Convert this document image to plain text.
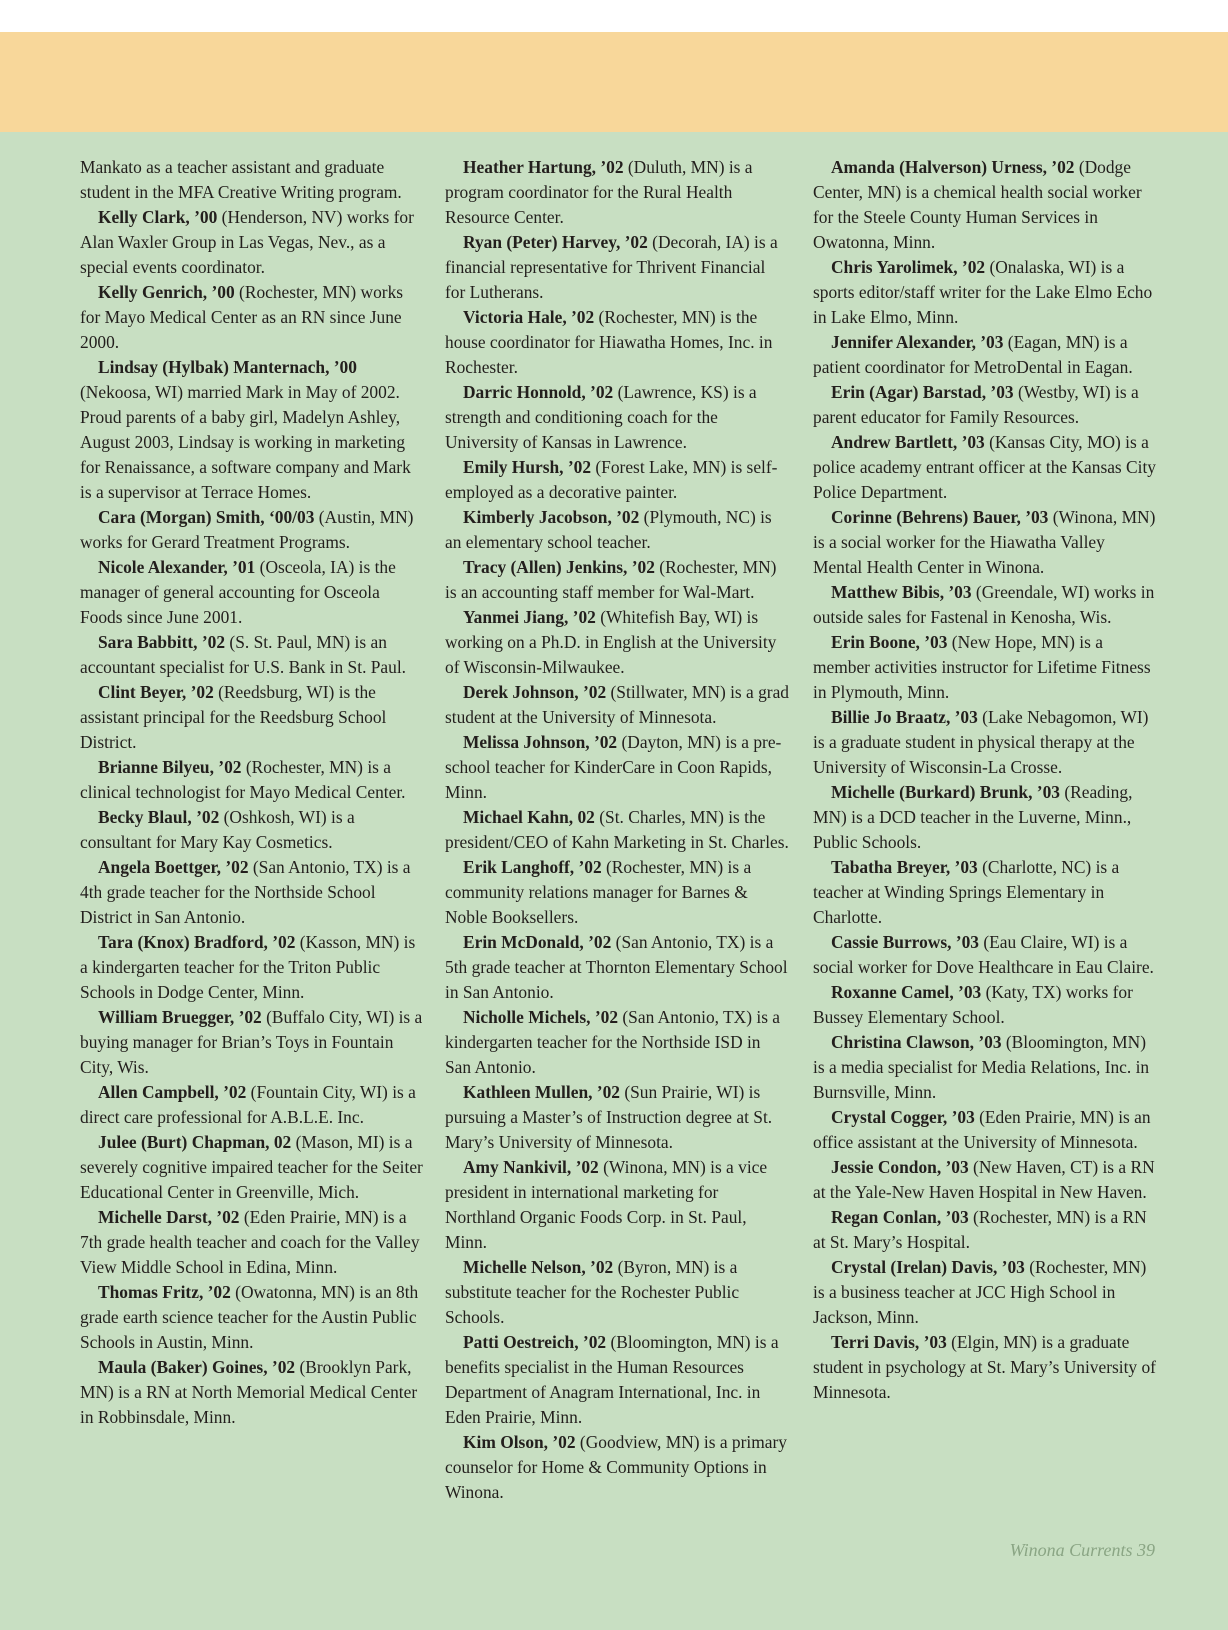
Mankato as a teacher assistant and graduate student in the MFA Creative Writing program.

Kelly Clark, ’00 (Henderson, NV) works for Alan Waxler Group in Las Vegas, Nev., as a special events coordinator.

Kelly Genrich, ’00 (Rochester, MN) works for Mayo Medical Center as an RN since June 2000.

Lindsay (Hylbak) Manternach, ’00 (Nekoosa, WI) married Mark in May of 2002. Proud parents of a baby girl, Madelyn Ashley, August 2003, Lindsay is working in marketing for Renaissance, a software company and Mark is a supervisor at Terrace Homes.

Cara (Morgan) Smith, ‘00/03 (Austin, MN) works for Gerard Treatment Programs.

Nicole Alexander, ’01 (Osceola, IA) is the manager of general accounting for Osceola Foods since June 2001.

Sara Babbitt, ’02 (S. St. Paul, MN) is an accountant specialist for U.S. Bank in St. Paul.

Clint Beyer, ’02 (Reedsburg, WI) is the assistant principal for the Reedsburg School District.

Brianne Bilyeu, ’02 (Rochester, MN) is a clinical technologist for Mayo Medical Center.

Becky Blaul, ’02 (Oshkosh, WI) is a consultant for Mary Kay Cosmetics.

Angela Boettger, ’02 (San Antonio, TX) is a 4th grade teacher for the Northside School District in San Antonio.

Tara (Knox) Bradford, ’02 (Kasson, MN) is a kindergarten teacher for the Triton Public Schools in Dodge Center, Minn.

William Bruegger, ’02 (Buffalo City, WI) is a buying manager for Brian’s Toys in Fountain City, Wis.

Allen Campbell, ’02 (Fountain City, WI) is a direct care professional for A.B.L.E. Inc.

Julee (Burt) Chapman, 02 (Mason, MI) is a severely cognitive impaired teacher for the Seiter Educational Center in Greenville, Mich.

Michelle Darst, ’02 (Eden Prairie, MN) is a 7th grade health teacher and coach for the Valley View Middle School in Edina, Minn.

Thomas Fritz, ’02 (Owatonna, MN) is an 8th grade earth science teacher for the Austin Public Schools in Austin, Minn.

Maula (Baker) Goines, ’02 (Brooklyn Park, MN) is a RN at North Memorial Medical Center in Robbinsdale, Minn.

Heather Hartung, ’02 (Duluth, MN) is a program coordinator for the Rural Health Resource Center.

Ryan (Peter) Harvey, ’02 (Decorah, IA) is a financial representative for Thrivent Financial for Lutherans.

Victoria Hale, ’02 (Rochester, MN) is the house coordinator for Hiawatha Homes, Inc. in Rochester.

Darric Honnold, ’02 (Lawrence, KS) is a strength and conditioning coach for the University of Kansas in Lawrence.

Emily Hursh, ’02 (Forest Lake, MN) is self-employed as a decorative painter.

Kimberly Jacobson, ’02 (Plymouth, NC) is an elementary school teacher.

Tracy (Allen) Jenkins, ’02 (Rochester, MN) is an accounting staff member for Wal-Mart.

Yanmei Jiang, ’02 (Whitefish Bay, WI) is working on a Ph.D. in English at the University of Wisconsin-Milwaukee.

Derek Johnson, ’02 (Stillwater, MN) is a grad student at the University of Minnesota.

Melissa Johnson, ’02 (Dayton, MN) is a pre-school teacher for KinderCare in Coon Rapids, Minn.

Michael Kahn, 02 (St. Charles, MN) is the president/CEO of Kahn Marketing in St. Charles.

Erik Langhoff, ’02 (Rochester, MN) is a community relations manager for Barnes & Noble Booksellers.

Erin McDonald, ’02 (San Antonio, TX) is a 5th grade teacher at Thornton Elementary School in San Antonio.

Nicholle Michels, ’02 (San Antonio, TX) is a kindergarten teacher for the Northside ISD in San Antonio.

Kathleen Mullen, ’02 (Sun Prairie, WI) is pursuing a Master’s of Instruction degree at St. Mary’s University of Minnesota.

Amy Nankivil, ’02 (Winona, MN) is a vice president in international marketing for Northland Organic Foods Corp. in St. Paul, Minn.

Michelle Nelson, ’02 (Byron, MN) is a substitute teacher for the Rochester Public Schools.

Patti Oestreich, ’02 (Bloomington, MN) is a benefits specialist in the Human Resources Department of Anagram International, Inc. in Eden Prairie, Minn.

Kim Olson, ’02 (Goodview, MN) is a primary counselor for Home & Community Options in Winona.

Amanda (Halverson) Urness, ’02 (Dodge Center, MN) is a chemical health social worker for the Steele County Human Services in Owatonna, Minn.

Chris Yarolimek, ’02 (Onalaska, WI) is a sports editor/staff writer for the Lake Elmo Echo in Lake Elmo, Minn.

Jennifer Alexander, ’03 (Eagan, MN) is a patient coordinator for MetroDental in Eagan.

Erin (Agar) Barstad, ’03 (Westby, WI) is a parent educator for Family Resources.

Andrew Bartlett, ’03 (Kansas City, MO) is a police academy entrant officer at the Kansas City Police Department.

Corinne (Behrens) Bauer, ’03 (Winona, MN) is a social worker for the Hiawatha Valley Mental Health Center in Winona.

Matthew Bibis, ’03 (Greendale, WI) works in outside sales for Fastenal in Kenosha, Wis.

Erin Boone, ’03 (New Hope, MN) is a member activities instructor for Lifetime Fitness in Plymouth, Minn.

Billie Jo Braatz, ’03 (Lake Nebagomon, WI) is a graduate student in physical therapy at the University of Wisconsin-La Crosse.

Michelle (Burkard) Brunk, ’03 (Reading, MN) is a DCD teacher in the Luverne, Minn., Public Schools.

Tabatha Breyer, ’03 (Charlotte, NC) is a teacher at Winding Springs Elementary in Charlotte.

Cassie Burrows, ’03 (Eau Claire, WI) is a social worker for Dove Healthcare in Eau Claire.

Roxanne Camel, ’03 (Katy, TX) works for Bussey Elementary School.

Christina Clawson, ’03 (Bloomington, MN) is a media specialist for Media Relations, Inc. in Burnsville, Minn.

Crystal Cogger, ’03 (Eden Prairie, MN) is an office assistant at the University of Minnesota.

Jessie Condon, ’03 (New Haven, CT) is a RN at the Yale-New Haven Hospital in New Haven.

Regan Conlan, ’03 (Rochester, MN) is a RN at St. Mary’s Hospital.

Crystal (Irelan) Davis, ’03 (Rochester, MN) is a business teacher at JCC High School in Jackson, Minn.

Terri Davis, ’03 (Elgin, MN) is a graduate student in psychology at St. Mary’s University of Minnesota.

Winona Currents 39
